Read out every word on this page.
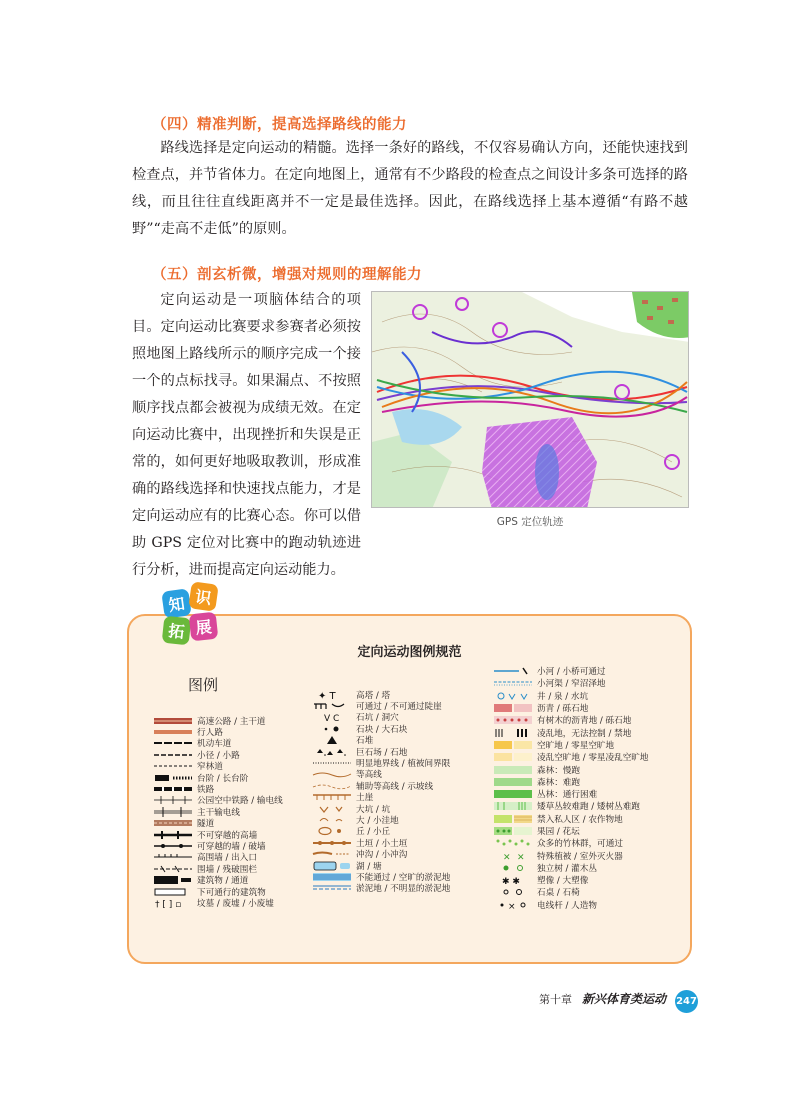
（四）精准判断，提高选择路线的能力

路线选择是定向运动的精髓。选择一条好的路线，不仅容易确认方向，还能快速找到检查点，并节省体力。在定向地图上，通常有不少路段的检查点之间设计多条可选择的路线，而且往往直线距离并不一定是最佳选择。因此，在路线选择上基本遵循“有路不越野”“走高不走低”的原则。

（五）剖玄析微，增强对规则的理解能力

定向运动是一项脑体结合的项目。定向运动比赛要求参赛者必须按照地图上路线所示的顺序完成一个接一个的点标找寻。如果漏点、不按照顺序找点都会被视为成绩无效。在定向运动比赛中，出现挫折和失误是正常的，如何更好地吸取教训，形成准确的路线选择和快速找点能力，才是定向运动应有的比赛心态。你可以借助 GPS 定位对比赛中的跑动轨迹进行分析，进而提高定向运动能力。

GPS 定位轨迹
知 识
拓 展
定向运动图例规范
图例
高速公路 / 主干道
行人路
机动车道
小径 / 小路
窄林道
台阶 / 长台阶
铁路
公园空中铁路 / 输电线
主干输电线
隧道
不可穿越的高墙
可穿越的墙 / 破墙
高围墙 / 出入口
围墙 / 残破围栏
建筑物 / 通道
下可通行的建筑物
† [ ] ▫ 坟墓 / 废墟 / 小废墟
✦ T 高塔 / 塔
可通过 / 不可通过陡崖
V Ⅽ 石坑 / 洞穴
石块 / 大石块
石堆
巨石场 / 石地
明显地界线 / 植被间界限
等高线
辅助等高线 / 示坡线
土崖
大坑 / 坑
大 / 小洼地
丘 / 小丘
土垣 / 小土垣
冲沟 / 小冲沟
湖 / 塘
不能通过 / 空旷的淤泥地
淤泥地 / 不明显的淤泥地
小河 / 小桥可通过
小河渠 / 窄沼泽地
井 / 泉 / 水坑
沥青 / 砾石地
有树木的沥青地 / 砾石地
凌乱地，无法控制 / 禁地
空旷地 / 零星空旷地
凌乱空旷地 / 零星凌乱空旷地
森林：慢跑
森林：难跑
丛林：通行困难
矮草丛较难跑 / 矮树丛难跑
禁入私人区 / 农作物地
果园 / 花坛
众多的竹林群，可通过
✕ ✕ 特殊植被 / 室外灭火器
独立树 / 灌木丛
✱ ✱ 塑像 / 大塑像
石桌 / 石椅
× 电线杆 / 人造物
第十章 新兴体育类运动 247
